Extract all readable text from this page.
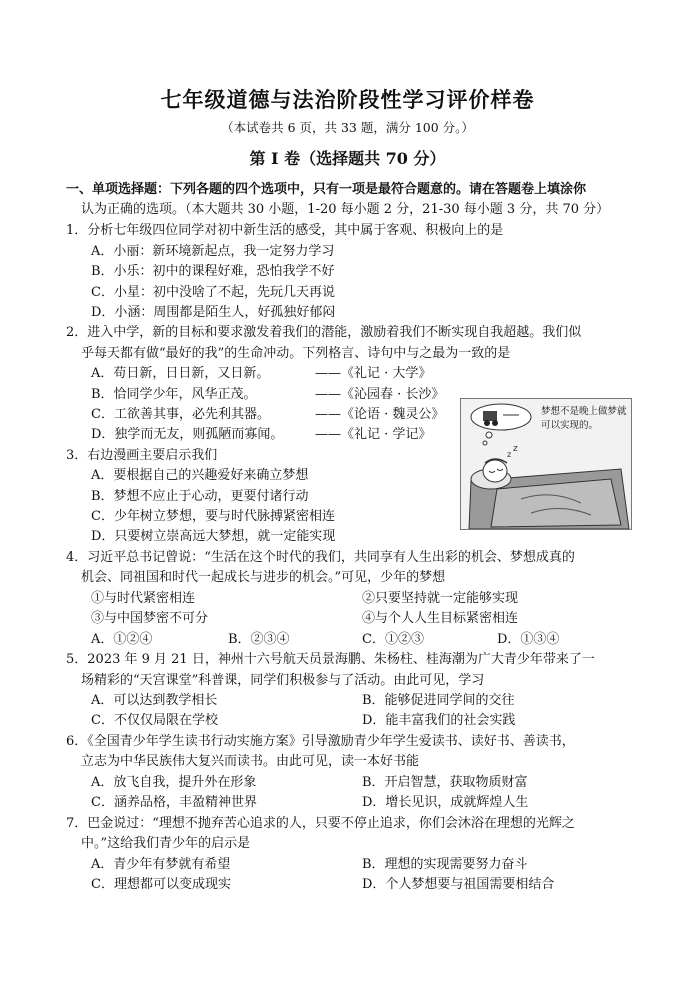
七年级道德与法治阶段性学习评价样卷
（本试卷共 6 页，共 33 题，满分 100 分。）
第 I 卷（选择题共 70 分）
一、单项选择题：下列各题的四个选项中，只有一项是最符合题意的。请在答题卷上填涂你
认为正确的选项。（本大题共 30 小题，1-20 每小题 2 分，21-30 每小题 3 分，共 70 分）
1．分析七年级四位同学对初中新生活的感受，其中属于客观、积极向上的是
A．小丽：新环境新起点，我一定努力学习
B．小乐：初中的课程好难，恐怕我学不好
C．小星：初中没啥了不起，先玩几天再说
D．小涵：周围都是陌生人，好孤独好郁闷
2．进入中学，新的目标和要求激发着我们的潜能，激励着我们不断实现自我超越。我们似
乎每天都有做“最好的我”的生命冲动。下列格言、诗句中与之最为一致的是
A．苟日新，日日新，又日新。	——《礼记 · 大学》
B．恰同学少年，风华正茂。	——《沁园春 · 长沙》
C．工欲善其事，必先利其器。	——《论语 · 魏灵公》
D．独学而无友，则孤陋而寡闻。 ——《礼记 · 学记》
z
z
梦想不是晚上做梦就可以实现的。
3．右边漫画主要启示我们
A．要根据自己的兴趣爱好来确立梦想
B．梦想不应止于心动，更要付诸行动
C．少年树立梦想，要与时代脉搏紧密相连
D．只要树立崇高远大梦想，就一定能实现
4．习近平总书记曾说：“生活在这个时代的我们，共同享有人生出彩的机会、梦想成真的
机会、同祖国和时代一起成长与进步的机会。”可见，少年的梦想
①与时代紧密相连	②只要坚持就一定能够实现
③与中国梦密不可分	④与个人人生目标紧密相连
A．①②④	B．②③④	C．①②③	D．①③④
5．2023 年 9 月 21 日，神州十六号航天员景海鹏、朱杨柱、桂海潮为广大青少年带来了一
场精彩的“天宫课堂”科普课，同学们积极参与了活动。由此可见，学习
A．可以达到教学相长	B．能够促进同学间的交往
C．不仅仅局限在学校	D．能丰富我们的社会实践
6．《全国青少年学生读书行动实施方案》引导激励青少年学生爱读书、读好书、善读书，
立志为中华民族伟大复兴而读书。由此可见，读一本好书能
A．放飞自我，提升外在形象	B．开启智慧，获取物质财富
C．涵养品格，丰盈精神世界	D．增长见识，成就辉煌人生
7．巴金说过：“理想不抛弃苦心追求的人，只要不停止追求，你们会沐浴在理想的光辉之
中。”这给我们青少年的启示是
A．青少年有梦就有希望	B．理想的实现需要努力奋斗
C．理想都可以变成现实	D．个人梦想要与祖国需要相结合
